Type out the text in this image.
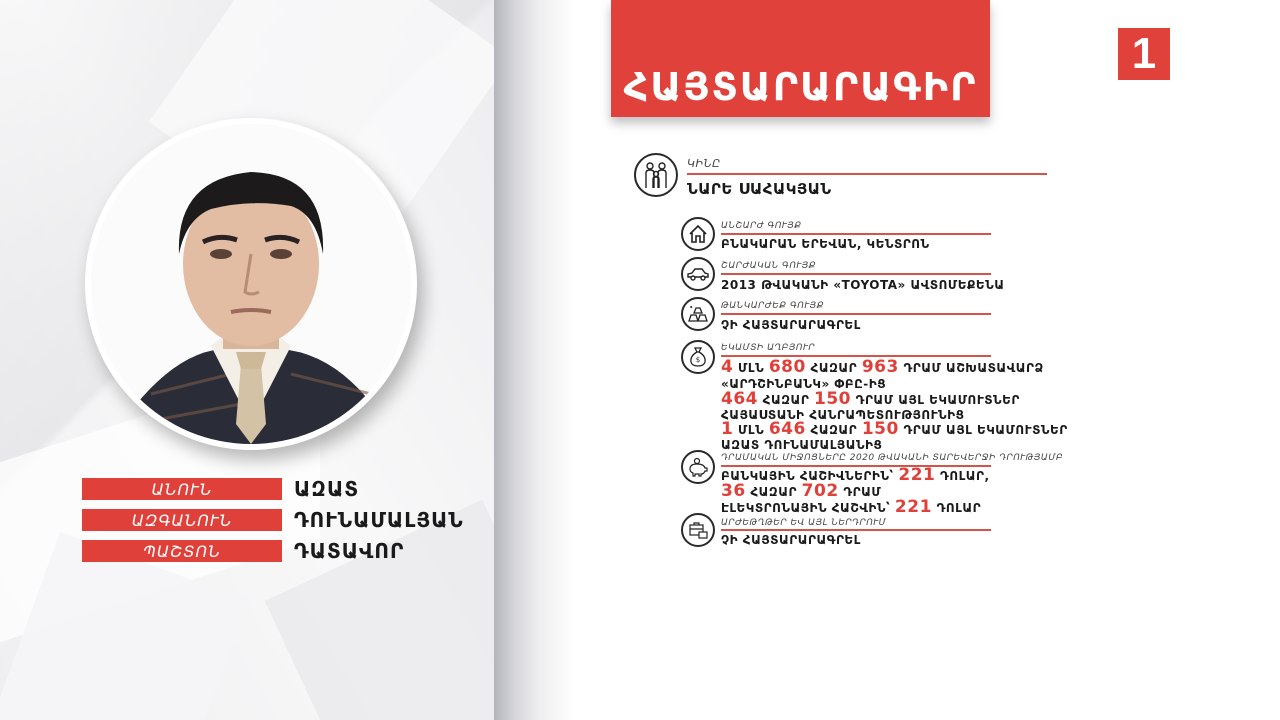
ԱՆՈՒՆ	ԱԶԱՏ
ԱԶԳԱՆՈՒՆ	ԴՈՒՆԱՄԱԼՅԱՆ
ՊԱՇՏՈՆ	ԴԱՏԱՎՈՐ
ՀԱՅՏԱՐԱՐԱԳԻՐ
1
ԿԻՆԸ
ՆԱՐԵ ՍԱՀԱԿՅԱՆ
ԱՆՇԱՐԺ ԳՈՒՅՔ
ԲՆԱԿԱՐԱՆ ԵՐԵՎԱՆ, ԿԵՆՏՐՈՆ
ՇԱՐԺԱԿԱՆ ԳՈՒՅՔ
2013 ԹՎԱԿԱՆԻ «TOYOTA» ԱՎՏՈՄԵՔԵՆԱ
ԹԱՆԿԱՐԺԵՔ ԳՈՒՅՔ
ՉԻ ՀԱՅՏԱՐԱՐԱԳՐԵԼ
$
ԵԿԱՄՏԻ ԱՂԲՅՈՒՐ
4 ՄԼՆ 680 ՀԱԶԱՐ 963 ԴՐԱՄ ԱՇԽԱՏԱՎԱՐՁ
«ԱՐԴՇԻՆԲԱՆԿ» ՓԲԸ-ԻՑ
464 ՀԱԶԱՐ 150 ԴՐԱՄ ԱՅԼ ԵԿԱՄՈՒՏՆԵՐ
ՀԱՅԱՍՏԱՆԻ ՀԱՆՐԱՊԵՏՈՒԹՅՈՒՆԻՑ
1 ՄԼՆ 646 ՀԱԶԱՐ 150 ԴՐԱՄ ԱՅԼ ԵԿԱՄՈՒՏՆԵՐ
ԱԶԱՏ ԴՈՒՆԱՄԱԼՅԱՆԻՑ
ԴՐԱՄԱԿԱՆ ՄԻՋՈՑՆԵՐԸ 2020 ԹՎԱԿԱՆԻ ՏԱՐԵՎԵՐՋԻ ԴՐՈՒԹՅԱՄԲ
ԲԱՆԿԱՅԻՆ ՀԱՇԻՎՆԵՐԻՆ՝ 221 ԴՈԼԱՐ,
36 ՀԱԶԱՐ 702 ԴՐԱՄ
ԷԼԵԿՏՐՈՆԱՅԻՆ ՀԱՇՎԻՆ՝ 221 ԴՈԼԱՐ
ԱՐԺԵԹՂԹԵՐ ԵՎ ԱՅԼ ՆԵՐԴՐՈՒՄ
ՉԻ ՀԱՅՏԱՐԱՐԱԳՐԵԼ
